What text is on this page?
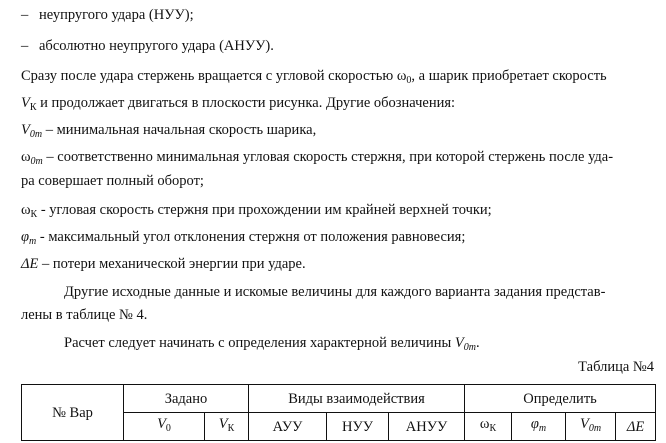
– неупругого удара (НУУ);
– абсолютно неупругого удара (АНУУ).
Сразу после удара стержень вращается с угловой скоростью $\omega_0$, а шарик приобретает скорость
$V_К$ и продолжает двигаться в плоскости рисунка. Другие обозначения:
$V_{0m}$ – минимальная начальная скорость шарика,
$\omega_{0m}$ – соответственно минимальная угловая скорость стержня, при которой стержень после уда-
ра совершает полный оборот;
$\omega_К$ - угловая скорость стержня при прохождении им крайней верхней точки;
$\varphi_m$ - максимальный угол отклонения стержня от положения равновесия;
ΔE – потери механической энергии при ударе.
Другие исходные данные и искомые величины для каждого варианта задания представ-
лены в таблице № 4.
Расчет следует начинать с определения характерной величины $V_{0m}$.
Таблица №4
№ Вар	Задано		Виды взаимодействия			Определить			
	$V_0$	$V_К$	АУУ	НУУ	АНУУ	$\omega_К$	$\varphi_m$	$V_{0m}$	ΔE
